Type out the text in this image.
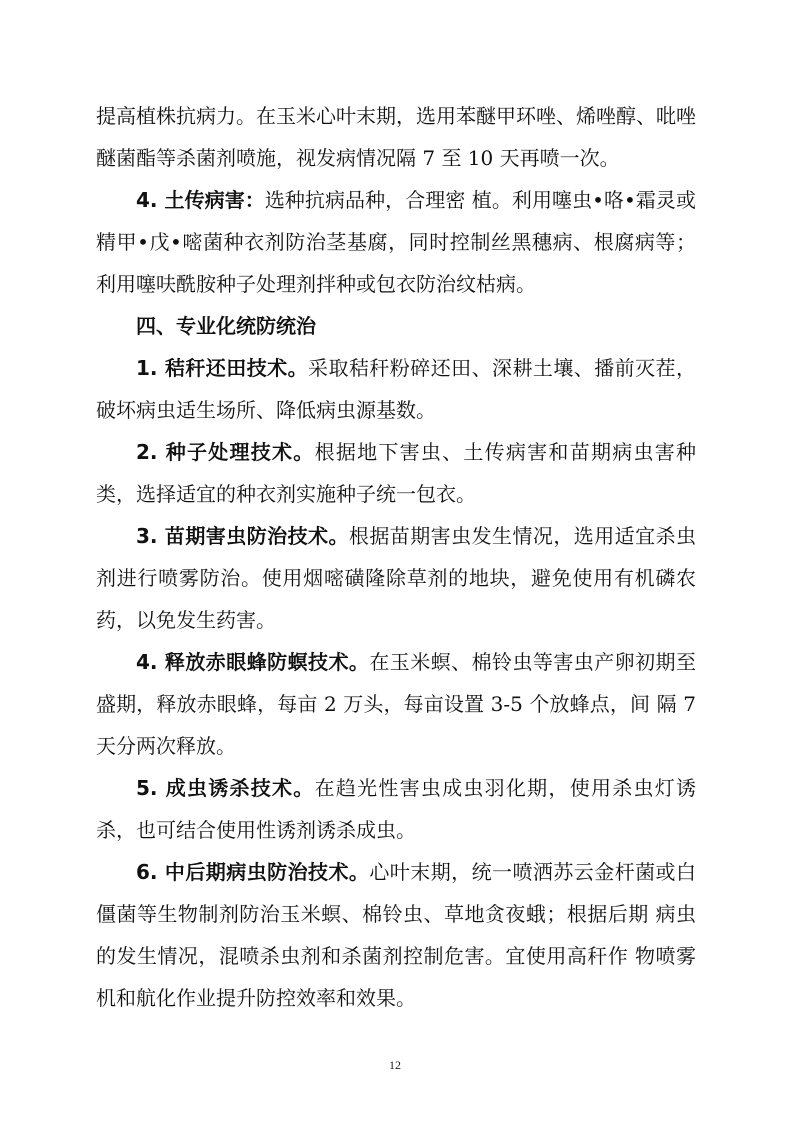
提高植株抗病力。在玉米心叶末期，选用苯醚甲环唑、烯唑醇、吡唑醚菌酯等杀菌剂喷施，视发病情况隔 7 至 10 天再喷一次。

4. 土传病害：选种抗病品种，合理密 植。利用噻虫•咯•霜灵或精甲•戊•嘧菌种衣剂防治茎基腐，同时控制丝黑穗病、根腐病等；利用噻呋酰胺种子处理剂拌种或包衣防治纹枯病。

四、专业化统防统治

1. 秸秆还田技术。采取秸秆粉碎还田、深耕土壤、播前灭茬，破坏病虫适生场所、降低病虫源基数。

2. 种子处理技术。根据地下害虫、土传病害和苗期病虫害种类，选择适宜的种衣剂实施种子统一包衣。

3. 苗期害虫防治技术。根据苗期害虫发生情况，选用适宜杀虫剂进行喷雾防治。使用烟嘧磺隆除草剂的地块，避免使用有机磷农药，以免发生药害。

4. 释放赤眼蜂防螟技术。在玉米螟、棉铃虫等害虫产卵初期至盛期，释放赤眼蜂，每亩 2 万头，每亩设置 3-5 个放蜂点，间 隔 7 天分两次释放。

5. 成虫诱杀技术。在趋光性害虫成虫羽化期，使用杀虫灯诱杀，也可结合使用性诱剂诱杀成虫。

6. 中后期病虫防治技术。心叶末期，统一喷洒苏云金杆菌或白僵菌等生物制剂防治玉米螟、棉铃虫、草地贪夜蛾；根据后期 病虫的发生情况，混喷杀虫剂和杀菌剂控制危害。宜使用高秆作 物喷雾机和航化作业提升防控效率和效果。

12
